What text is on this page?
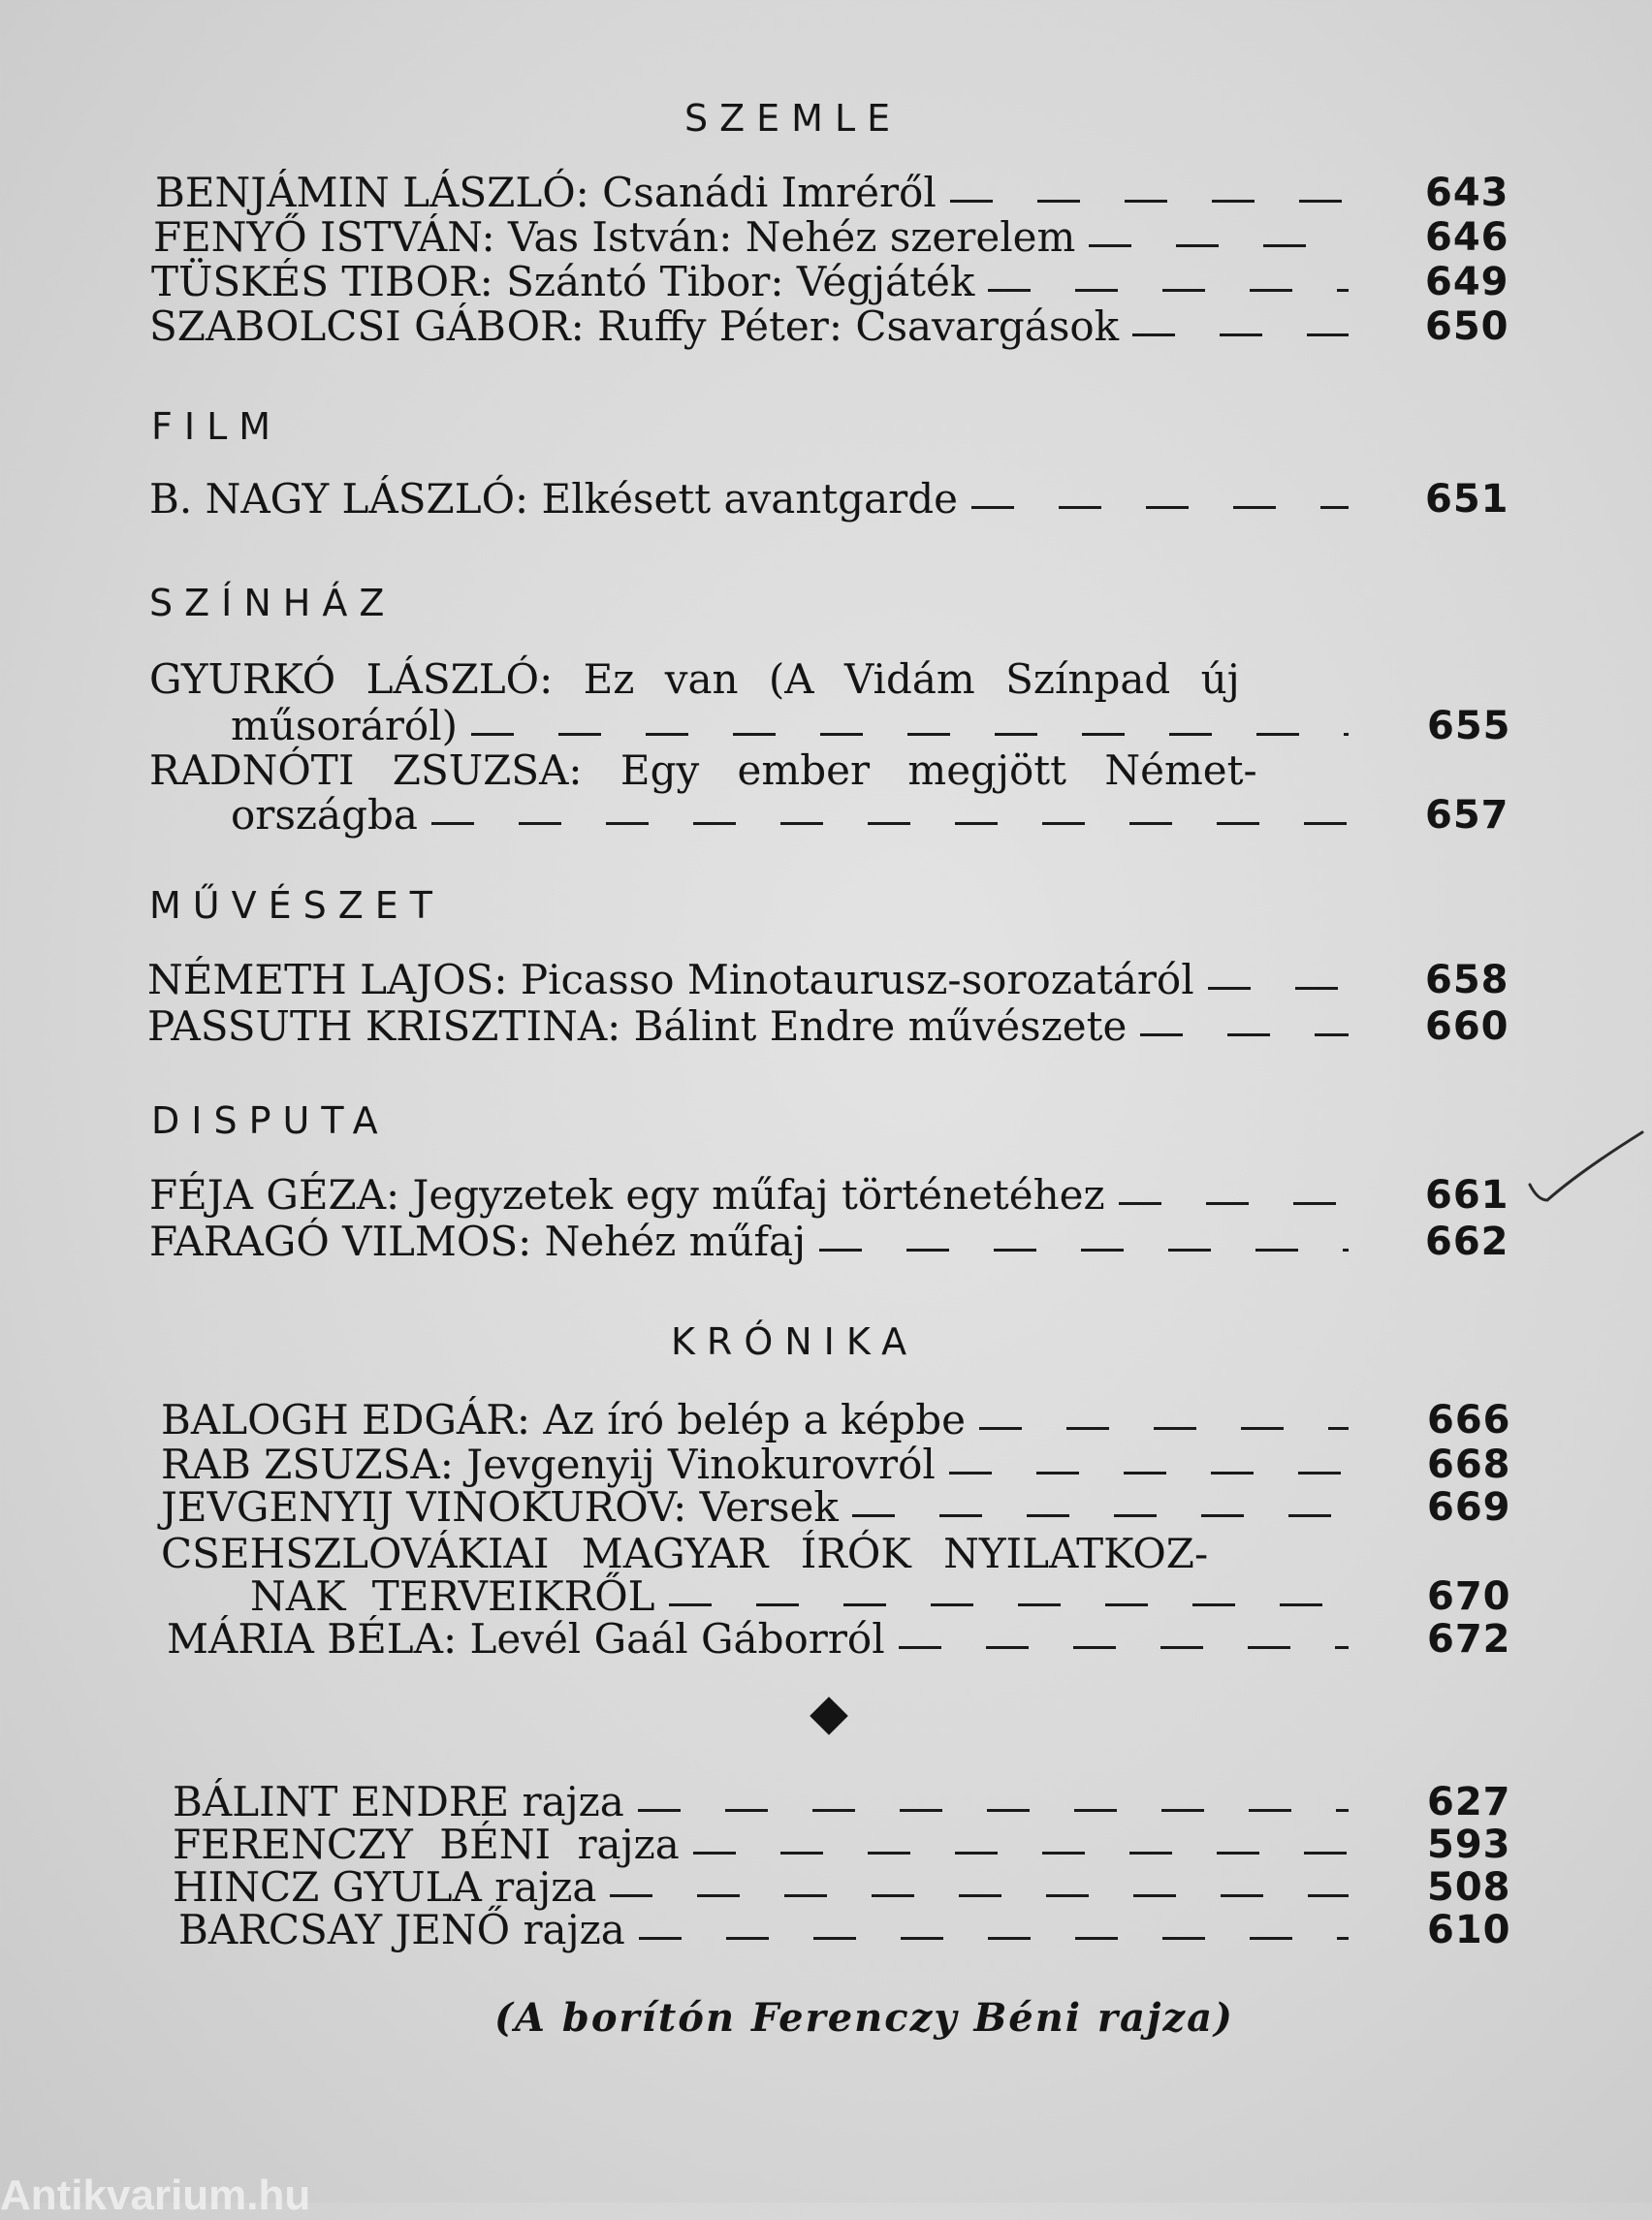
SZEMLE
BENJÁMIN LÁSZLÓ: Csanádi Imréről	643
FENYŐ ISTVÁN: Vas István: Nehéz szerelem	646
TÜSKÉS TIBOR: Szántó Tibor: Végjáték	649
SZABOLCSI GÁBOR: Ruffy Péter: Csavargások	650
FILM
B. NAGY LÁSZLÓ: Elkésett avantgarde	651
SZÍNHÁZ
GYURKÓ LÁSZLÓ: Ez van (A Vidám Színpad új
műsoráról)	655
RADNÓTI ZSUZSA: Egy ember megjött Német-
országba	657
MŰVÉSZET
NÉMETH LAJOS: Picasso Minotaurusz-sorozatáról	658
PASSUTH KRISZTINA: Bálint Endre művészete	660
DISPUTA
FÉJA GÉZA: Jegyzetek egy műfaj történetéhez	661
FARAGÓ VILMOS: Nehéz műfaj	662
KRÓNIKA
BALOGH EDGÁR: Az író belép a képbe	666
RAB ZSUZSA: Jevgenyij Vinokurovról	668
JEVGENYIJ VINOKUROV: Versek	669
CSEHSZLOVÁKIAI MAGYAR ÍRÓK NYILATKOZ-
NAK TERVEIKRŐL	670
MÁRIA BÉLA: Levél Gaál Gáborról	672
BÁLINT ENDRE rajza	627
FERENCZY BÉNI rajza	593
HINCZ GYULA rajza	508
BARCSAY JENŐ rajza	610
(A borítón Ferenczy Béni rajza)
Antikvarium.hu
